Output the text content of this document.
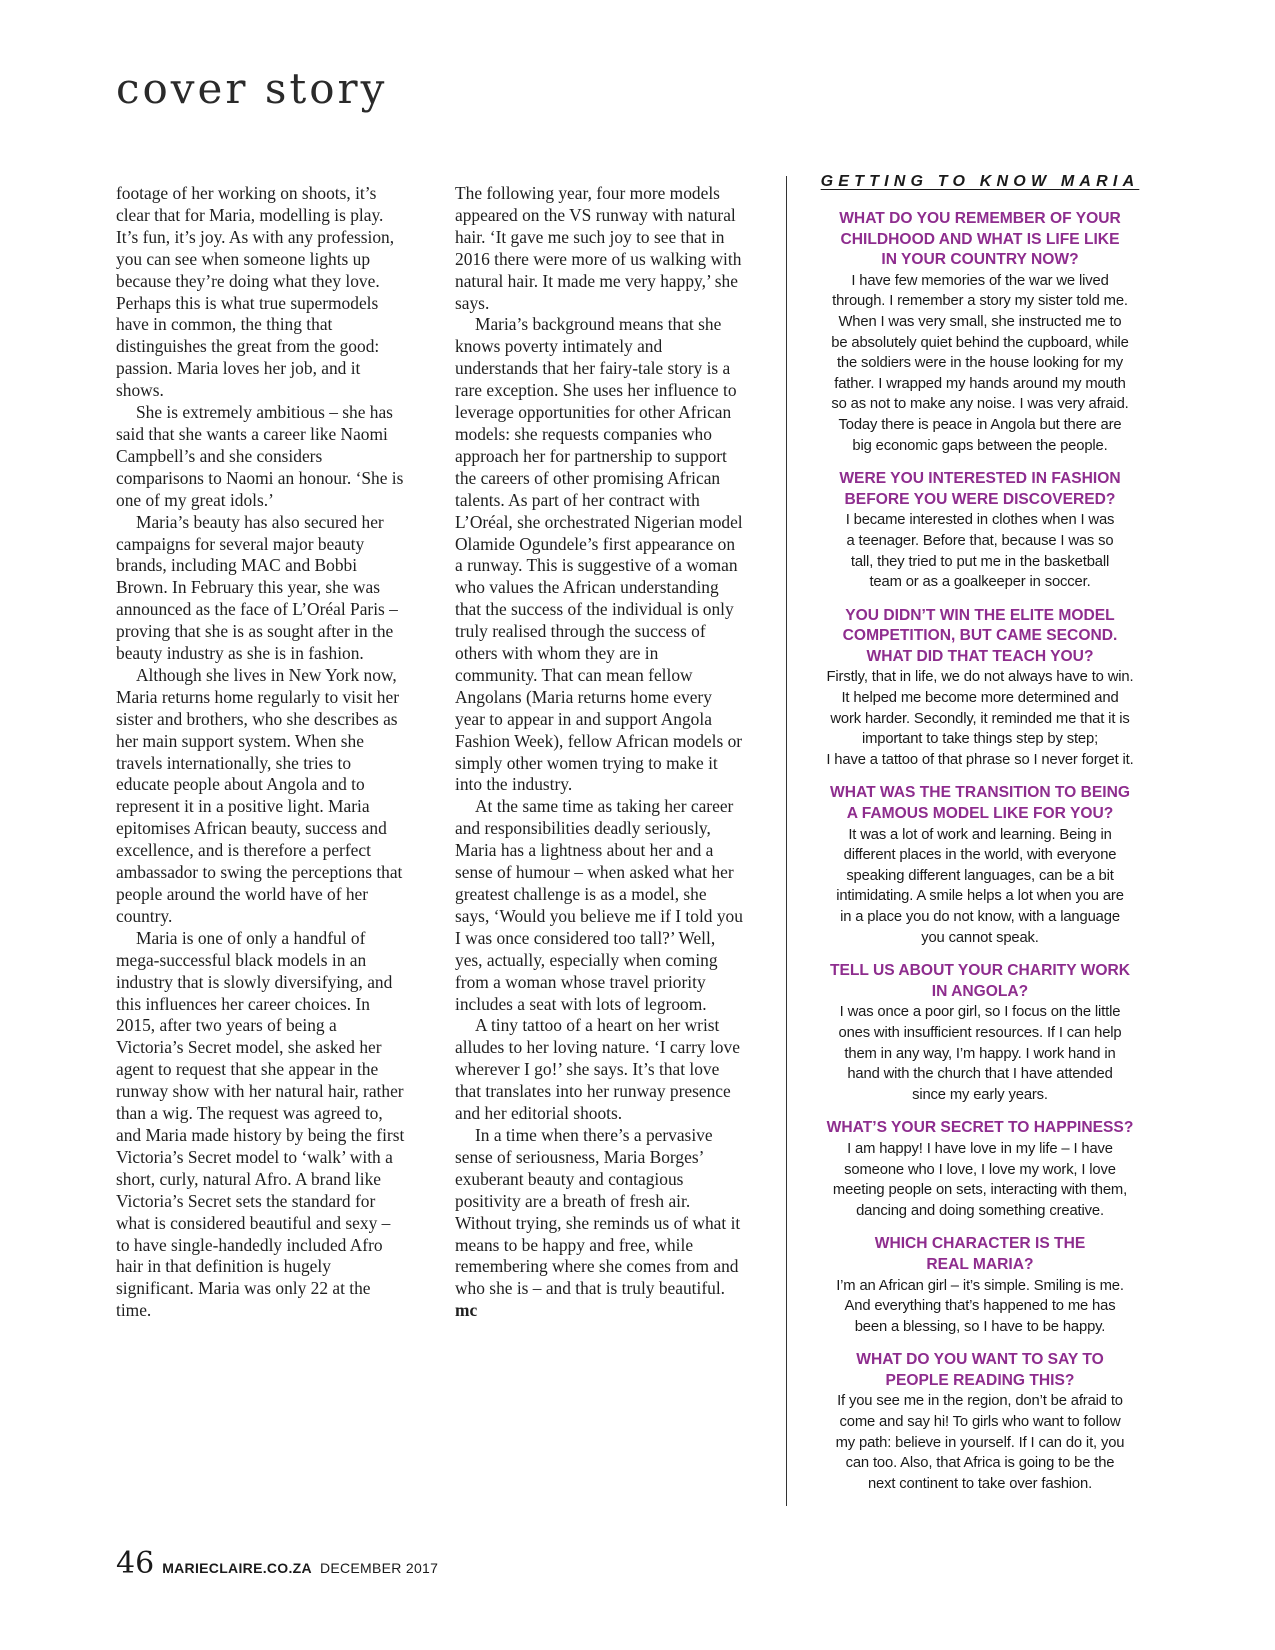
cover story

footage of her working on shoots, it’s clear that for Maria, modelling is play. It’s fun, it’s joy. As with any profession, you can see when someone lights up because they’re doing what they love. Perhaps this is what true supermodels have in common, the thing that distinguishes the great from the good: passion. Maria loves her job, and it shows.

She is extremely ambitious – she has said that she wants a career like Naomi Campbell’s and she considers comparisons to Naomi an honour. ‘She is one of my great idols.’

Maria’s beauty has also secured her campaigns for several major beauty brands, including MAC and Bobbi Brown. In February this year, she was announced as the face of L’Oréal Paris – proving that she is as sought after in the beauty industry as she is in fashion.

Although she lives in New York now, Maria returns home regularly to visit her sister and brothers, who she describes as her main support system. When she travels internationally, she tries to educate people about Angola and to represent it in a positive light. Maria epitomises African beauty, success and excellence, and is therefore a perfect ambassador to swing the perceptions that people around the world have of her country.

Maria is one of only a handful of mega-successful black models in an industry that is slowly diversifying, and this influences her career choices. In 2015, after two years of being a Victoria’s Secret model, she asked her agent to request that she appear in the runway show with her natural hair, rather than a wig. The request was agreed to, and Maria made history by being the first Victoria’s Secret model to ‘walk’ with a short, curly, natural Afro. A brand like Victoria’s Secret sets the standard for what is considered beautiful and sexy – to have single-handedly included Afro hair in that definition is hugely significant. Maria was only 22 at the time.

The following year, four more models appeared on the VS runway with natural hair. ‘It gave me such joy to see that in 2016 there were more of us walking with natural hair. It made me very happy,’ she says.

Maria’s background means that she knows poverty intimately and understands that her fairy-tale story is a rare exception. She uses her influence to leverage opportunities for other African models: she requests companies who approach her for partnership to support the careers of other promising African talents. As part of her contract with L’Oréal, she orchestrated Nigerian model Olamide Ogundele’s first appearance on a runway. This is suggestive of a woman who values the African understanding that the success of the individual is only truly realised through the success of others with whom they are in community. That can mean fellow Angolans (Maria returns home every year to appear in and support Angola Fashion Week), fellow African models or simply other women trying to make it into the industry.

At the same time as taking her career and responsibilities deadly seriously, Maria has a lightness about her and a sense of humour – when asked what her greatest challenge is as a model, she says, ‘Would you believe me if I told you I was once considered too tall?’ Well, yes, actually, especially when coming from a woman whose travel priority includes a seat with lots of legroom.

A tiny tattoo of a heart on her wrist alludes to her loving nature. ‘I carry love wherever I go!’ she says. It’s that love that translates into her runway presence and her editorial shoots.

In a time when there’s a pervasive sense of seriousness, Maria Borges’ exuberant beauty and contagious positivity are a breath of fresh air. Without trying, she reminds us of what it means to be happy and free, while remembering where she comes from and who she is – and that is truly beautiful. mc

GETTING TO KNOW MARIA

WHAT DO YOU REMEMBER OF YOUR
CHILDHOOD AND WHAT IS LIFE LIKE
IN YOUR COUNTRY NOW?

I have few memories of the war we lived
through. I remember a story my sister told me.
When I was very small, she instructed me to
be absolutely quiet behind the cupboard, while
the soldiers were in the house looking for my
father. I wrapped my hands around my mouth
so as not to make any noise. I was very afraid.
Today there is peace in Angola but there are
big economic gaps between the people.

WERE YOU INTERESTED IN FASHION
BEFORE YOU WERE DISCOVERED?

I became interested in clothes when I was
a teenager. Before that, because I was so
tall, they tried to put me in the basketball
team or as a goalkeeper in soccer.

YOU DIDN’T WIN THE ELITE MODEL
COMPETITION, BUT CAME SECOND.
WHAT DID THAT TEACH YOU?

Firstly, that in life, we do not always have to win.
It helped me become more determined and
work harder. Secondly, it reminded me that it is
important to take things step by step;
I have a tattoo of that phrase so I never forget it.

WHAT WAS THE TRANSITION TO BEING
A FAMOUS MODEL LIKE FOR YOU?

It was a lot of work and learning. Being in
different places in the world, with everyone
speaking different languages, can be a bit
intimidating. A smile helps a lot when you are
in a place you do not know, with a language
you cannot speak.

TELL US ABOUT YOUR CHARITY WORK
IN ANGOLA?

I was once a poor girl, so I focus on the little
ones with insufficient resources. If I can help
them in any way, I’m happy. I work hand in
hand with the church that I have attended
since my early years.

WHAT’S YOUR SECRET TO HAPPINESS?

I am happy! I have love in my life – I have
someone who I love, I love my work, I love
meeting people on sets, interacting with them,
dancing and doing something creative.

WHICH CHARACTER IS THE
REAL MARIA?

I’m an African girl – it’s simple. Smiling is me.
And everything that’s happened to me has
been a blessing, so I have to be happy.

WHAT DO YOU WANT TO SAY TO
PEOPLE READING THIS?

If you see me in the region, don’t be afraid to
come and say hi! To girls who want to follow
my path: believe in yourself. If I can do it, you
can too. Also, that Africa is going to be the
next continent to take over fashion.

46 MARIECLAIRE.CO.ZA DECEMBER 2017
